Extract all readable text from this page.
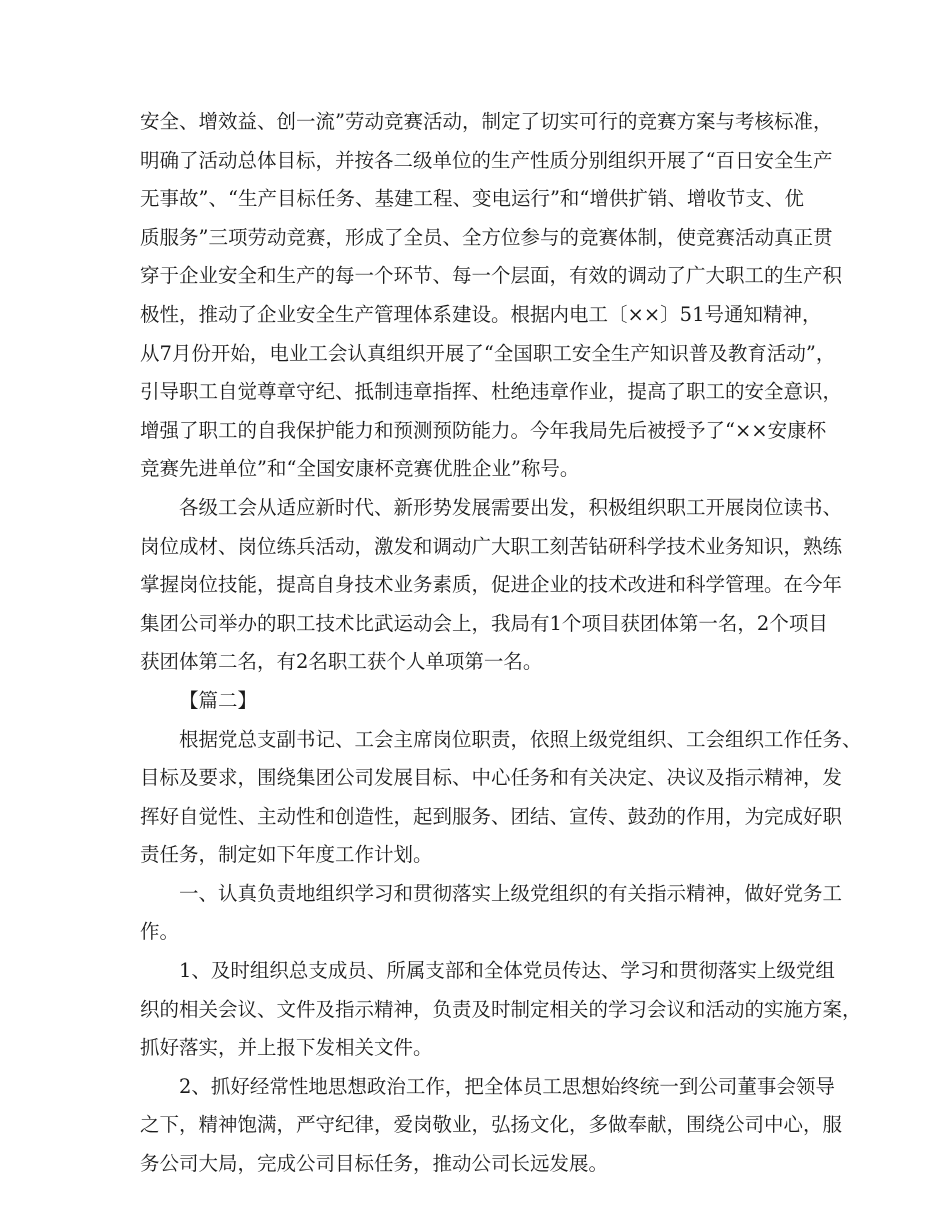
安全、增效益、创一流”劳动竞赛活动，制定了切实可行的竞赛方案与考核标准，
明确了活动总体目标，并按各二级单位的生产性质分别组织开展了“百日安全生产
无事故”、“生产目标任务、基建工程、变电运行”和“增供扩销、增收节支、优
质服务”三项劳动竞赛，形成了全员、全方位参与的竞赛体制，使竞赛活动真正贯
穿于企业安全和生产的每一个环节、每一个层面，有效的调动了广大职工的生产积
极性，推动了企业安全生产管理体系建设。根据内电工〔××〕51号通知精神，
从7月份开始，电业工会认真组织开展了“全国职工安全生产知识普及教育活动”，
引导职工自觉尊章守纪、抵制违章指挥、杜绝违章作业，提高了职工的安全意识，
增强了职工的自我保护能力和预测预防能力。今年我局先后被授予了“××安康杯
竞赛先进单位”和“全国安康杯竞赛优胜企业”称号。
各级工会从适应新时代、新形势发展需要出发，积极组织职工开展岗位读书、
岗位成材、岗位练兵活动，激发和调动广大职工刻苦钻研科学技术业务知识，熟练
掌握岗位技能，提高自身技术业务素质，促进企业的技术改进和科学管理。在今年
集团公司举办的职工技术比武运动会上，我局有1个项目获团体第一名，2个项目
获团体第二名，有2名职工获个人单项第一名。
【篇二】
根据党总支副书记、工会主席岗位职责，依照上级党组织、工会组织工作任务、
目标及要求，围绕集团公司发展目标、中心任务和有关决定、决议及指示精神，发
挥好自觉性、主动性和创造性，起到服务、团结、宣传、鼓劲的作用，为完成好职
责任务，制定如下年度工作计划。
一、认真负责地组织学习和贯彻落实上级党组织的有关指示精神，做好党务工
作。
1、及时组织总支成员、所属支部和全体党员传达、学习和贯彻落实上级党组
织的相关会议、文件及指示精神，负责及时制定相关的学习会议和活动的实施方案，
抓好落实，并上报下发相关文件。
2、抓好经常性地思想政治工作，把全体员工思想始终统一到公司董事会领导
之下，精神饱满，严守纪律，爱岗敬业，弘扬文化，多做奉献，围绕公司中心，服
务公司大局，完成公司目标任务，推动公司长远发展。
